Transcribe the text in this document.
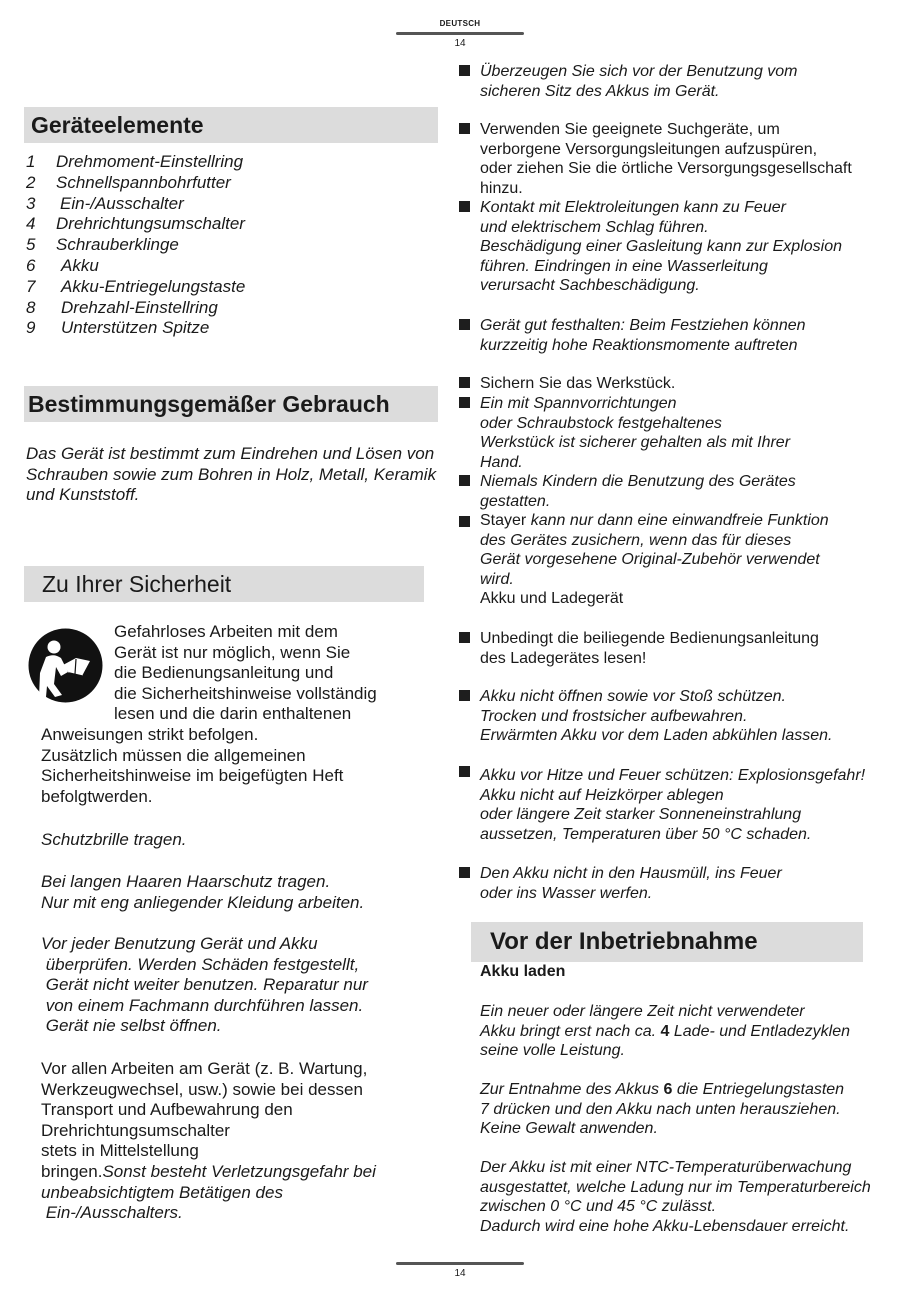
DEUTSCH
14
Geräteelemente
1	Drehmoment-Einstellring
2	Schnellspannbohrfutter
3	Ein-/Ausschalter
4	Drehrichtungsumschalter
5	Schrauberklinge
6	Akku
7	Akku-Entriegelungstaste
8	Drehzahl-Einstellring
9	Unterstützen Spitze
Bestimmungsgemäßer Gebrauch

Das Gerät ist bestimmt zum Eindrehen und Lösen von Schrauben sowie zum Bohren in Holz, Metall, Keramik und Kunststoff.

Zu Ihrer Sicherheit
Gefahrloses Arbeiten mit dem
Gerät ist nur möglich, wenn Sie
die Bedienungsanleitung und
die Sicherheitshinweise vollständig
lesen und die darin enthaltenen

Anweisungen strikt befolgen.
Zusätzlich müssen die allgemeinen
Sicherheitshinweise im beigefügten Heft
befolgtwerden.

Schutzbrille tragen.

Bei langen Haaren Haarschutz tragen.
Nur mit eng anliegender Kleidung arbeiten.

Vor jeder Benutzung Gerät und Akku
überprüfen. Werden Schäden festgestellt,
Gerät nicht weiter benutzen. Reparatur nur
von einem Fachmann durchführen lassen.
Gerät nie selbst öffnen.

Vor allen Arbeiten am Gerät (z. B. Wartung,
Werkzeugwechsel, usw.) sowie bei dessen
Transport und Aufbewahrung den
Drehrichtungsumschalter
stets in Mittelstellung
bringen.Sonst besteht Verletzungsgefahr bei
unbeabsichtigtem Betätigen des
Ein-/Ausschalters.

Überzeugen Sie sich vor der Benutzung vom
sicheren Sitz des Akkus im Gerät.
Verwenden Sie geeignete Suchgeräte, um
verborgene Versorgungsleitungen aufzuspüren,
oder ziehen Sie die örtliche Versorgungsgesellschaft
hinzu.
Kontakt mit Elektroleitungen kann zu Feuer
und elektrischem Schlag führen.
Beschädigung einer Gasleitung kann zur Explosion
führen. Eindringen in eine Wasserleitung
verursacht Sachbeschädigung.
Gerät gut festhalten: Beim Festziehen können
kurzzeitig hohe Reaktionsmomente auftreten
Sichern Sie das Werkstück.
Ein mit Spannvorrichtungen
oder Schraubstock festgehaltenes
Werkstück ist sicherer gehalten als mit Ihrer
Hand.
Niemals Kindern die Benutzung des Gerätes
gestatten.
Stayer kann nur dann eine einwandfreie Funktion
des Gerätes zusichern, wenn das für dieses
Gerät vorgesehene Original-Zubehör verwendet
wird.
Akku und Ladegerät
Unbedingt die beiliegende Bedienungsanleitung
des Ladegerätes lesen!
Akku nicht öffnen sowie vor Stoß schützen.
Trocken und frostsicher aufbewahren.
Erwärmten Akku vor dem Laden abkühlen lassen.
Akku vor Hitze und Feuer schützen: Explosionsgefahr!
Akku nicht auf Heizkörper ablegen
oder längere Zeit starker Sonneneinstrahlung
aussetzen, Temperaturen über 50 °C schaden.
Den Akku nicht in den Hausmüll, ins Feuer
oder ins Wasser werfen.
Vor der Inbetriebnahme
Akku laden

Ein neuer oder längere Zeit nicht verwendeter
Akku bringt erst nach ca. 4 Lade- und Entladezyklen
seine volle Leistung.

Zur Entnahme des Akkus 6 die Entriegelungstasten
7 drücken und den Akku nach unten herausziehen.
Keine Gewalt anwenden.

Der Akku ist mit einer NTC-Temperaturüberwachung
ausgestattet, welche Ladung nur im Temperaturbereich
zwischen 0 °C und 45 °C zulässt.
Dadurch wird eine hohe Akku-Lebensdauer erreicht.

14
